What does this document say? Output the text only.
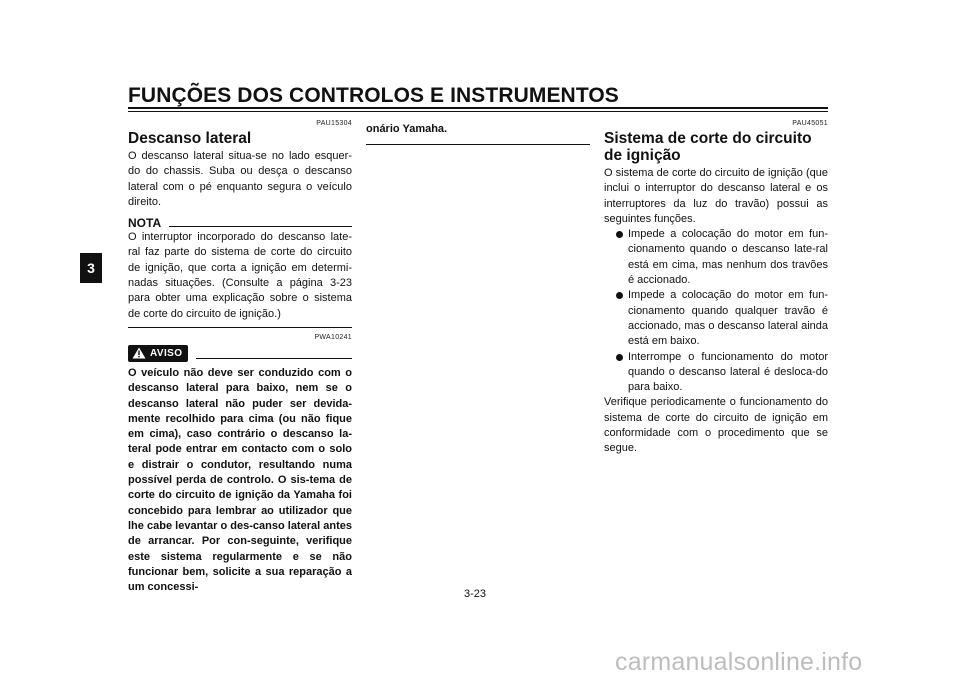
FUNÇÕES DOS CONTROLOS E INSTRUMENTOS
3
PAU15304
Descanso lateral

O descanso lateral situa-se no lado esquer-do do chassis. Suba ou desça o descanso lateral com o pé enquanto segura o veículo direito.

NOTA

O interruptor incorporado do descanso late-ral faz parte do sistema de corte do circuito de ignição, que corta a ignição em determi-nadas situações. (Consulte a página 3-23 para obter uma explicação sobre o sistema de corte do circuito de ignição.)

PWA10241
AVISO

O veículo não deve ser conduzido com o descanso lateral para baixo, nem se o descanso lateral não puder ser devida-mente recolhido para cima (ou não fique em cima), caso contrário o descanso la-teral pode entrar em contacto com o solo e distrair o condutor, resultando numa possível perda de controlo. O sis-tema de corte do circuito de ignição da Yamaha foi concebido para lembrar ao utilizador que lhe cabe levantar o des-canso lateral antes de arrancar. Por con-seguinte, verifique este sistema regularmente e se não funcionar bem, solicite a sua reparação a um concessi-

onário Yamaha.	PAU45051
Sistema de corte do circuito de ignição

O sistema de corte do circuito de ignição (que inclui o interruptor do descanso lateral e os interruptores da luz do travão) possui as seguintes funções.

Impede a colocação do motor em fun-cionamento quando o descanso late-ral está em cima, mas nenhum dos travões é accionado.
Impede a colocação do motor em fun-cionamento quando qualquer travão é accionado, mas o descanso lateral ainda está em baixo.
Interrompe o funcionamento do motor quando o descanso lateral é desloca-do para baixo.

Verifique periodicamente o funcionamento do sistema de corte do circuito de ignição em conformidade com o procedimento que se segue.

3-23
carmanualsonline.info
